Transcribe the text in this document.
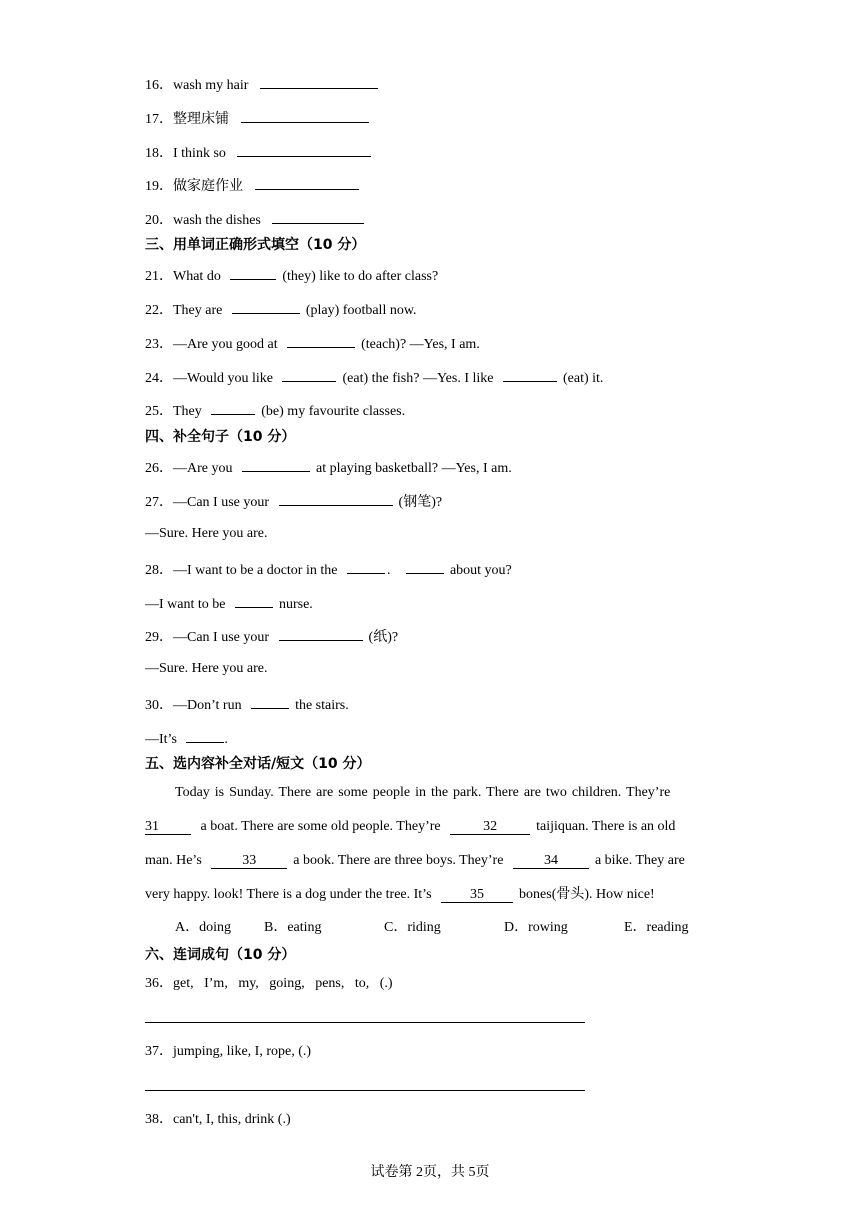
16．wash my hair
17．整理床铺
18．I think so
19．做家庭作业
20．wash the dishes
三、用单词正确形式填空（10 分）
21．What do	(they) like to do after class?
22．They are	(play) football now.
23．—Are you good at	(teach)? —Yes, I am.
24．—Would you like	(eat) the fish? —Yes. I like	(eat) it.
25．They	(be) my favourite classes.
四、补全句子（10 分）
26．—Are you	at playing basketball? —Yes, I am.
27．—Can I use your	(钢笔)?
—Sure. Here you are.
28．—I want to be a doctor in the	.	about you?
—I want to be	nurse.
29．—Can I use your	(纸)?
—Sure. Here you are.
30．—Don’t run	the stairs.
—It’s	.
五、选内容补全对话/短文（10 分）
Today is Sunday. There are some people in the park. There are two children. They’re
31	a boat. There are some old people. They’re	32	taijiquan. There is an old
man. He’s	33	a book. There are three boys. They’re	34	a bike. They are
very happy. look! There is a dog under the tree. It’s	35	bones(骨头). How nice!
A．doing B．eating	C．riding	D．rowing	E．reading
六、连词成句（10 分）
36．get,   I’m,   my,   going,   pens,   to,   (.)
37．jumping, like, I, rope, (.)
38．can't, I, this, drink (.)
试卷第 2页，共 5页
